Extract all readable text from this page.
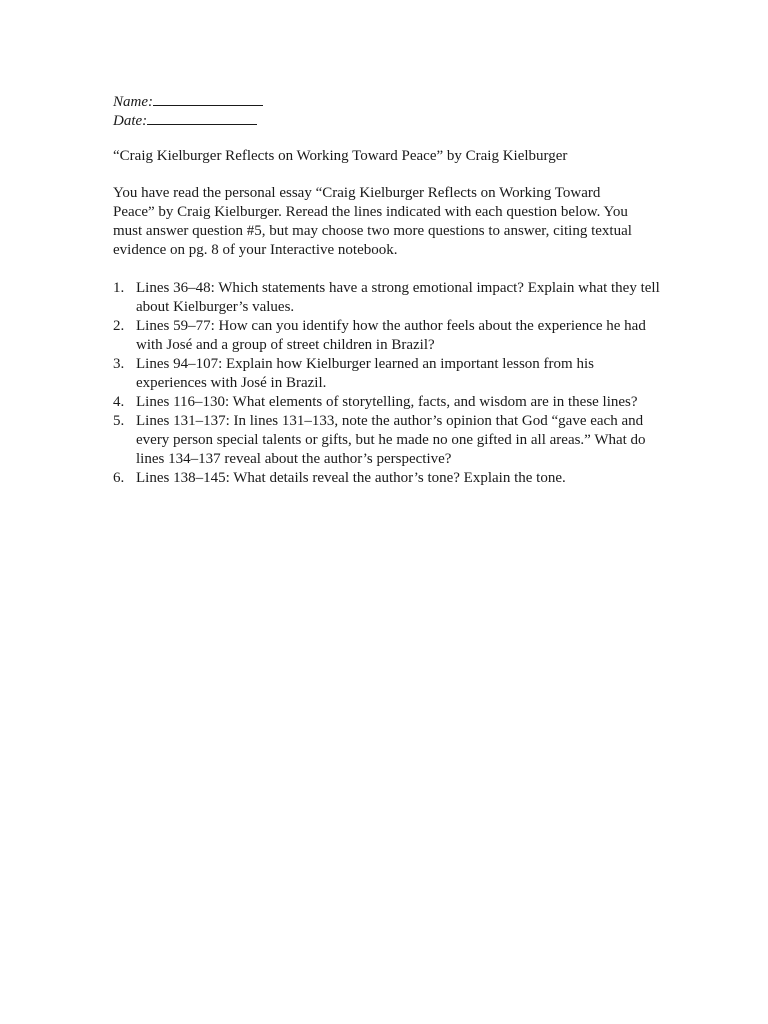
Name:

Date:

“Craig Kielburger Reflects on Working Toward Peace” by Craig Kielburger

You have read the personal essay “Craig Kielburger Reflects on Working Toward Peace” by Craig Kielburger. Reread the lines indicated with each question below. You must answer question #5, but may choose two more questions to answer, citing textual evidence on pg. 8 of your Interactive notebook.

1. Lines 36–48: Which statements have a strong emotional impact? Explain what they tell about Kielburger’s values.
2. Lines 59–77: How can you identify how the author feels about the experience he had with José and a group of street children in Brazil?
3. Lines 94–107: Explain how Kielburger learned an important lesson from his experiences with José in Brazil.
4. Lines 116–130: What elements of storytelling, facts, and wisdom are in these lines?
5. Lines 131–137: In lines 131–133, note the author’s opinion that God “gave each and every person special talents or gifts, but he made no one gifted in all areas.” What do lines 134–137 reveal about the author’s perspective?
6. Lines 138–145: What details reveal the author’s tone? Explain the tone.
